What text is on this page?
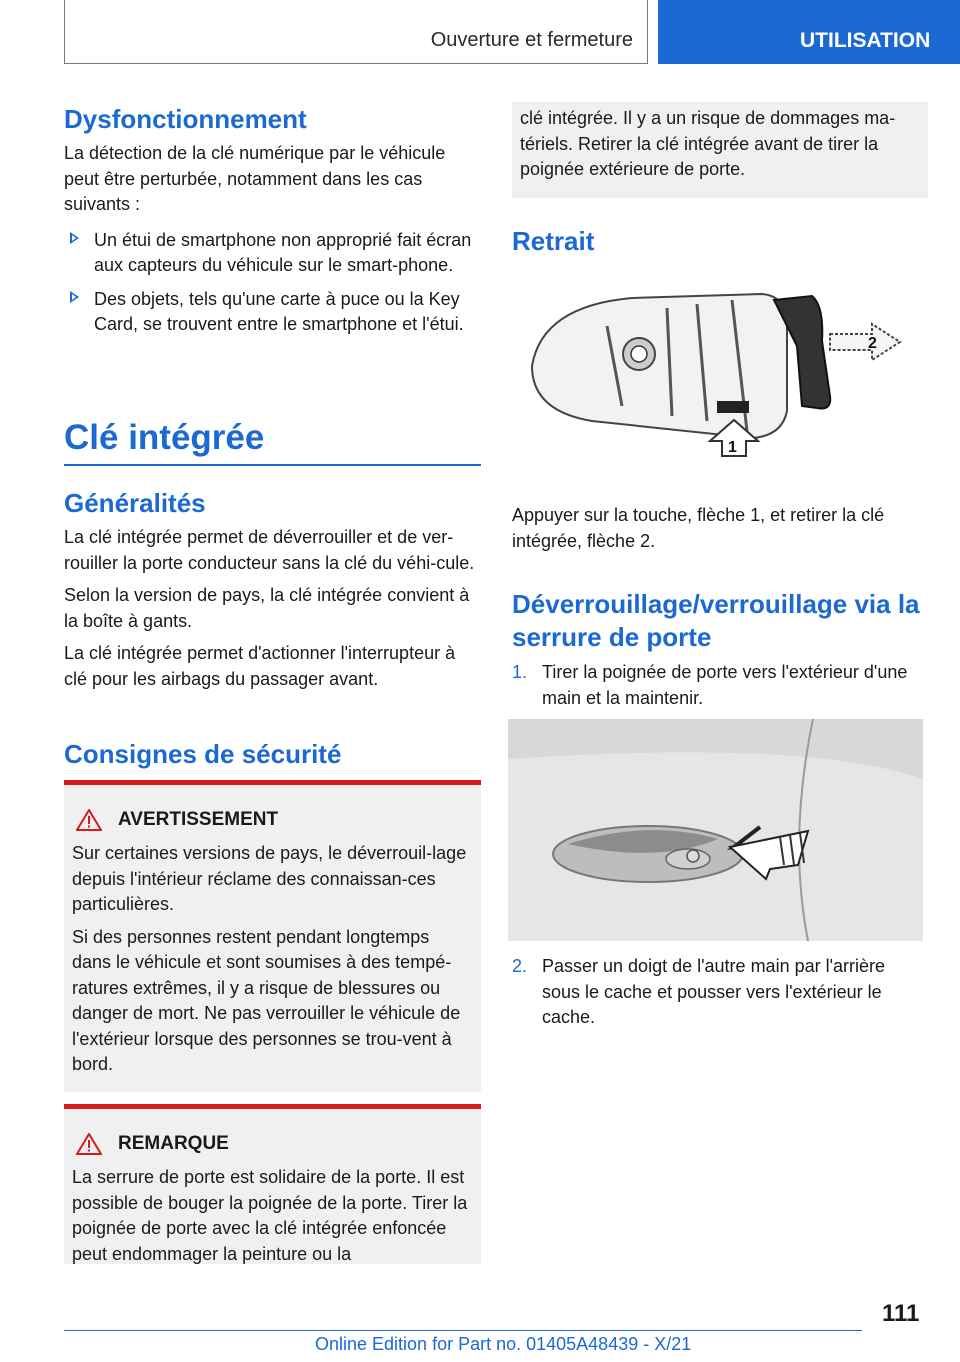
Ouverture et fermeture	UTILISATION
Dysfonctionnement

La détection de la clé numérique par le véhicule peut être perturbée, notamment dans les cas suivants :

Un étui de smartphone non approprié fait écran aux capteurs du véhicule sur le smart-phone.
Des objets, tels qu'une carte à puce ou la Key Card, se trouvent entre le smartphone et l'étui.
Clé intégrée
Généralités

La clé intégrée permet de déverrouiller et de ver-rouiller la porte conducteur sans la clé du véhi-cule.

Selon la version de pays, la clé intégrée convient à la boîte à gants.

La clé intégrée permet d'actionner l'interrupteur à clé pour les airbags du passager avant.

Consignes de sécurité
AVERTISSEMENT

Sur certaines versions de pays, le déverrouil-lage depuis l'intérieur réclame des connaissan-ces particulières.

Si des personnes restent pendant longtemps dans le véhicule et sont soumises à des tempé-ratures extrêmes, il y a risque de blessures ou danger de mort. Ne pas verrouiller le véhicule de l'extérieur lorsque des personnes se trou-vent à bord.

REMARQUE

La serrure de porte est solidaire de la porte. Il est possible de bouger la poignée de la porte. Tirer la poignée de porte avec la clé intégrée enfoncée peut endommager la peinture ou la

clé intégrée. Il y a un risque de dommages ma-tériels. Retirer la clé intégrée avant de tirer la poignée extérieure de porte.

Retrait
2
1

Appuyer sur la touche, flèche 1, et retirer la clé intégrée, flèche 2.

Déverrouillage/verrouillage via la serrure de porte
1. Tirer la poignée de porte vers l'extérieur d'une main et la maintenir.
2. Passer un doigt de l'autre main par l'arrière sous le cache et pousser vers l'extérieur le cache.
111
Online Edition for Part no. 01405A48439 - X/21
